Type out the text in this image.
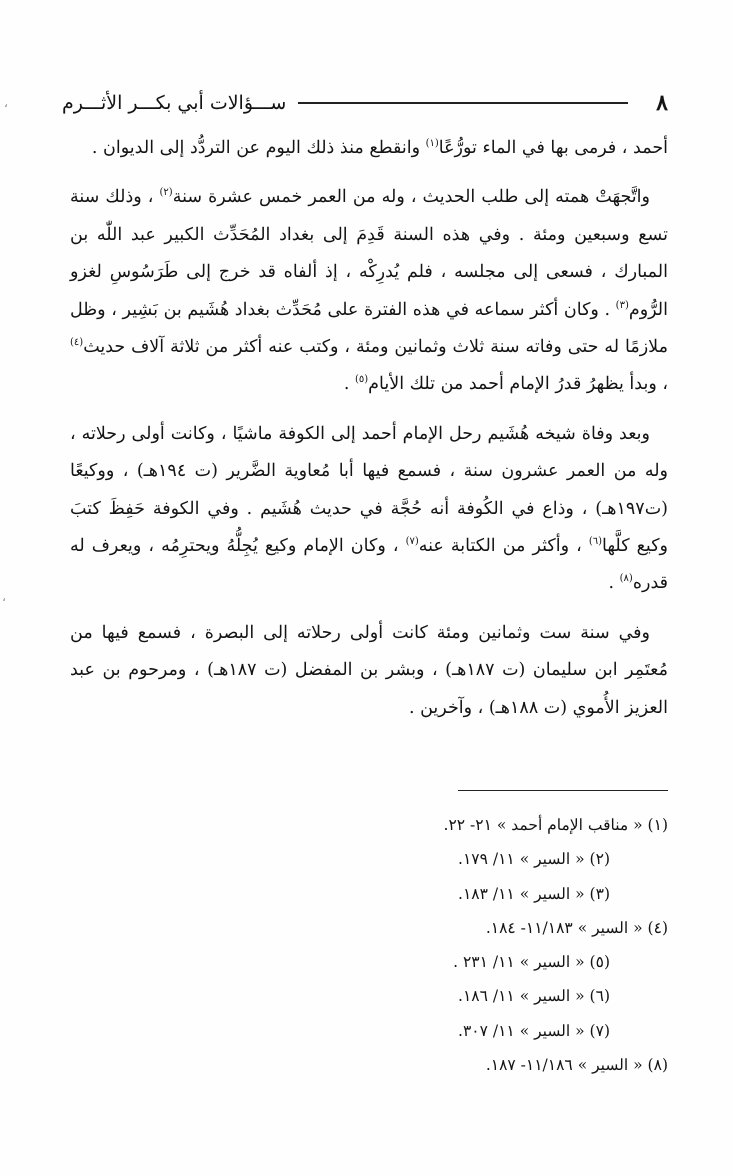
٨
ســـؤالات أبي بكـــر الأثـــرم

أحمد ، فرمى بها في الماء تورُّعًا$^{(١)}$ وانقطع منذ ذلك اليوم عن التردُّد إلى الديوان .

واتَّجهَتْ همته إلى طلب الحديث ، وله من العمر خمس عشرة سنة$^{(٢)}$ ، وذلك سنة تسع وسبعين ومئة . وفي هذه السنة قَدِمَ إلى بغداد المُحَدِّث الكبير عبد اللّٰه بن المبارك ، فسعى إلى مجلسه ، فلم يُدرِكْه ، إذ ألفاه قد خرج إلى طَرَسُوسِ لغزو الرُّوم$^{(٣)}$ . وكان أكثر سماعه في هذه الفترة على مُحَدِّث بغداد هُشَيم بن بَشِير ، وظل ملازمًا له حتى وفاته سنة ثلاث وثمانين ومئة ، وكتب عنه أكثر من ثلاثة آلاف حديث$^{(٤)}$ ، وبدأ يظهرُ قدرُ الإمام أحمد من تلك الأيام$^{(٥)}$ .

وبعد وفاة شيخه هُشَيم رحل الإمام أحمد إلى الكوفة ماشيًا ، وكانت أولى رحلاته ، وله من العمر عشرون سنة ، فسمع فيها أبا مُعاوية الضَّرير (ت ١٩٤هـ) ، ووكيعًا (ت١٩٧هـ) ، وذاع في الكُوفة أنه حُجَّة في حديث هُشَيم . وفي الكوفة حَفِظَ كتبَ وكيع كلَّها$^{(٦)}$ ، وأكثر من الكتابة عنه$^{(٧)}$ ، وكان الإمام وكيع يُجِلُّهُ ويحترِمُه ، ويعرف له قدره$^{(٨)}$ .

وفي سنة ست وثمانين ومئة كانت أولى رحلاته إلى البصرة ، فسمع فيها من مُعتَمِر ابن سليمان (ت ١٨٧هـ) ، وبشر بن المفضل (ت ١٨٧هـ) ، ومرحوم بن عبد العزيز الأُموي (ت ١٨٨هـ) ، وآخرين .

(١) « مناقب الإمام أحمد » ٢١- ٢٢.
(٢) « السير » ١١/ ١٧٩.
(٣) « السير » ١١/ ١٨٣.
(٤) « السير » ١١/١٨٣- ١٨٤.
(٥) « السير » ١١/ ٢٣١ .
(٦) « السير » ١١/ ١٨٦.
(٧) « السير » ١١/ ٣٠٧.
(٨) « السير » ١١/١٨٦- ١٨٧.
،
،
